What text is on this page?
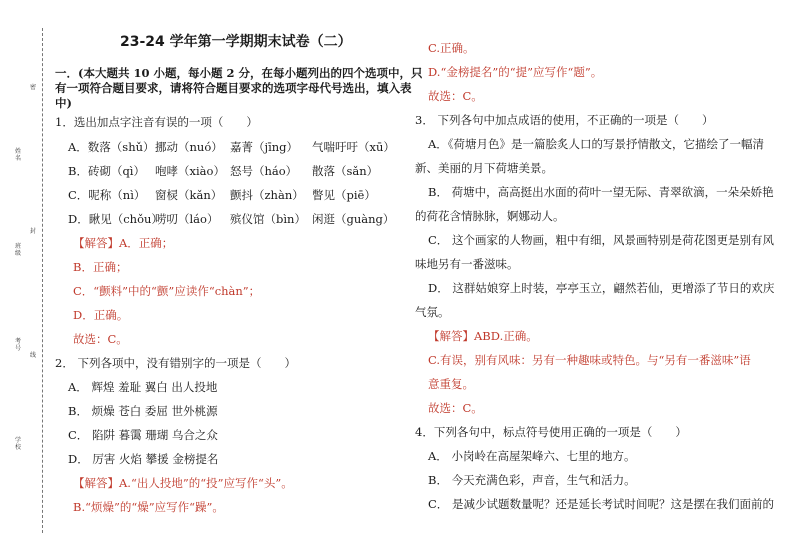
密
封
线
姓名
班级
考号
学校
23-24 学年第一学期期末试卷（二）
一．(本大题共 10 小题，每小题 2 分，在每小题列出的四个选项中，只
有一项符合题目要求，请将符合题目要求的选项字母代号选出，填入表
中)
1．选出加点字注音有误的一项（　　）
A．数落（shǔ） 挪动（nuó） 嘉菁（jīng） 气喘吁吁（xū）
B．砖砌（qì） 咆哮（xiào） 怒号（háo） 散落（sǎn）
C．呢称（nì） 窗棂（kǎn） 颤抖（zhàn） 瞥见（piē）
D．瞅见（chǒu）
唠叨（láo） 殡仪馆（bìn） 闲逛（guàng）
【解答】A．正确；
B．正确；
C．“颤料”中的“颤”应读作“chàn”；
D．正确。
故选：C。
2． 下列各项中，没有错别字的一项是（　　）
A． 辉煌 羞耻 翼白 出人投地
B． 烦燥 苍白 委屈 世外桃源
C． 陷阱 暮霭 珊瑚 乌合之众
D． 厉害 火焰 攀援 金榜提名
【解答】A.“出人投地”的“投”应写作“头”。
B.“烦燥”的“燥”应写作“躁”。
C.正确。
D.“金榜提名”的“提”应写作“题”。
故选：C。
3． 下列各句中加点成语的使用，不正确的一项是（　　）
A．《荷塘月色》是一篇脍炙人口的写景抒情散文，它描绘了一幅清
新、美丽的月下荷塘美景。
B． 荷塘中，高高挺出水面的荷叶一望无际、青翠欲滴，一朵朵娇艳
的荷花含情脉脉，婀娜动人。
C． 这个画家的人物画，粗中有细，风景画特别是荷花图更是别有风
味地另有一番滋味。
D． 这群姑娘穿上时装，亭亭玉立，翩然若仙，更增添了节日的欢庆
气氛。
【解答】ABD.正确。
C.有误，别有风味：另有一种趣味或特色。与“另有一番滋味”语
意重复。
故选：C。
4．下列各句中，标点符号使用正确的一项是（　　）
A． 小岗岭在高屋架峰六、七里的地方。
B． 今天充满色彩，声音，生气和活力。
C． 是减少试题数量呢？还是延长考试时间呢？这是摆在我们面前的
